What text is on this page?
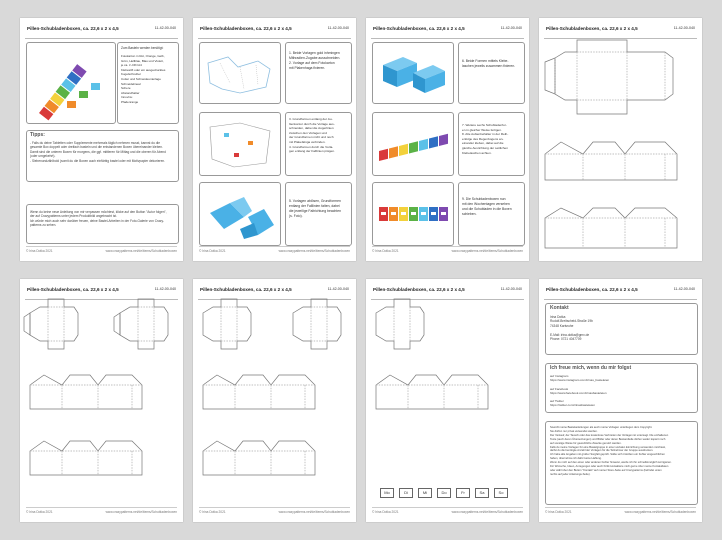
Pillen-Schubladenboxen, ca. 22,6 x 2 x 4,5	11-42-00-040
Zum Basteln werden benötigt:
Fotokarton in Rot, Orange, Gelb,
Grün, Hellblau, Blau und Violett,
je ca. ¼ DIN A4
Klebestift oder ein ausgedrucktes
Kugelschreiber
Cutter und Schneideunterlage
Schneidelineal
Schere
Abstandhalter
Innovinu
Pfadenrange
Tipps:
- Falls du deine Tabletten oder Supplemente mehrmals täglich nehmen musst, kannst du die
gesamte Box doppelt oder dreifach basteln und die entstandenen Boxen übereinander kleben.
Damit sind die unteren Boxen für morgens, die ggf. mittleren für Mittag und die oberen für Abend
(oder umgekehrt).
- Siebenundzählbold (somit du die Boxen auch einfärbig bastel oder mit Motivpapier dekorieren.
Wenn du keine neue Anleitung von mir verpassen möchtest, klicke auf den Button "Autor folgen",
der auf Crazypatterns unter jedem Produktbild angebracht ist.
Ich würde mich auch sehr darüber freuen, deine Bastel-Arbeiten in der Foto-Galerie von Crazy-
patterns zu sehen.
© Irina Dotka 2021	www.crazypatterns.net/de/items/Schubladenboxen
Pillen-Schubladenboxen, ca. 22,6 x 2 x 4,5	11-42-00-040
1. Beide Vorlagen gold inhmingen
Mithradien-Zugabe ausschneiden.
2. Vorlage auf dem Fotokarton
mit Plakenhaga fixieren.
3. Grundformen entlang der Au-
ßenkontur durch die Vorlage aus-
schneiden, dabei die Augerlinien
zwischen den Vorlagen und
der Grundformen nicht und noch
mit Plakefalnga verbinden.
4. Grundformen durch die Vorla-
gen entlang der Falllinien prägen.
5. Vorlagen ablösen, Grundformen
entlang der Falllinien falten, dabei
die jeweilige Faltrichtung beachten
(s. Foto).
© Irina Dotka 2021	www.crazypatterns.net/de/items/Schubladenboxen
Pillen-Schubladenboxen, ca. 22,6 x 2 x 4,5	11-42-00-040
6. Beide Formen mittels Klebe-
laschen jeweils zusammen fixieren.
7. Weitere sechs Schubladenfor-
en in gleicher Weise fertigen.
8. Alle Außenbehälter in der Reih-
enfolge des Regenbogens an-
einander kleben, dabei auf die
gleiche Ausrichtung der seitlichen
Klebelaschen achten.
9. Die Schubladenboxen nun
mit den Wochentagen versehen
und die Schubladen in die Boxen
schieben.
© Irina Dotka 2021	www.crazypatterns.net/de/items/Schubladenboxen
Pillen-Schubladenboxen, ca. 22,6 x 2 x 4,5	11-42-00-040
Pillen-Schubladenboxen, ca. 22,6 x 2 x 4,5	11-42-00-040
© Irina Dotka 2021	www.crazypatterns.net/de/items/Schubladenboxen
Pillen-Schubladenboxen, ca. 22,6 x 2 x 4,5	11-42-00-040
© Irina Dotka 2021	www.crazypatterns.net/de/items/Schubladenboxen
Pillen-Schubladenboxen, ca. 22,6 x 2 x 4,5	11-42-00-040
Mo	Di	Mi	Do	Fr	Sa	So
© Irina Dotka 2021	www.crazypatterns.net/de/items/Schubladenboxen
Pillen-Schubladenboxen, ca. 22,6 x 2 x 4,5	11-42-00-040
Kontakt
Irina Dotka
Rudolf-Breitscheid-Straße 19b
74348 Karlsruhe

E-Mail: irina.dotka@gmx.de
Phone: 0721 4047709
Ich freue mich, wenn du mir folgst
auf Instagram
https://www.instagram.com/irinas_basteleien

auf Facebook
https://www.facebook.com/irinasbasteleien

auf Twitter
https://twitter.com/irinasbasteleien
Sowohl meine Bastelanleitungen als auch meine Vorlagen unterliegen dem Copyright.
Sie dürfen nur privat verwendet werden.
Der Verkauf, der Tausch oder das kostenlose Verbreiten der Vorlagen ist untersagt. Die enthaltenen
Texte (auch deren Übersetzungen) und Bilder oder deren Bestandteile dürfen weder kopiert noch
auf sonstige Weise für gewerbliche Zwecke genutzt werden.
Falls du meine Vorlagen für eine Bastelgruppe in einer sozialen Einrichtung verwenden möchtest,
darfst du die benötigte Anzahl der Vorlagen für die Teilnehmer der Gruppe ausdrucken.
Ich habe alle Angaben mit großer Sorgfalt geprüft. Sollte sich trotzdem ein Fehler eingeschlichen
haben, übernehme ich dafür keine Haftung.
Wenn du mich auf den einen oder anderen Fehler hinweist, werde ich ihn schnellstmöglich korrigieren.
Für Wünsche, Ideen, Anregungen oder auch Kritik kontaktiere mich gerne über meine Kontaktdaten
oder wähl über den Button "Kontakt" auf meiner Store-Seite auf Crazypatterns (befindet unten
rechts auf jeder Anleitungs-Seite).
© Irina Dotka 2021	www.crazypatterns.net/de/items/Schubladenboxen
